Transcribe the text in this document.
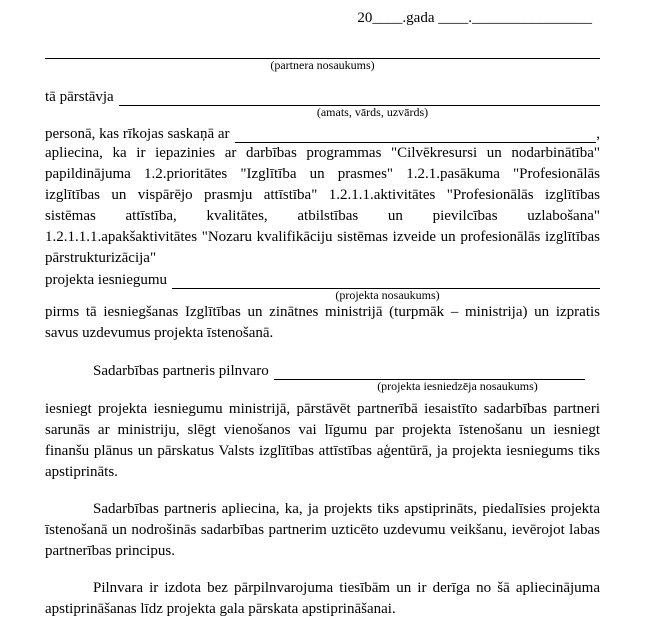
20____.gada ____.________________
(partnera nosaukums)
tā pārstāvja
(amats, vārds, uzvārds)
personā, kas rīkojas saskaņā ar	,

apliecina, ka ir iepazinies ar darbības programmas "Cilvēkresursi un nodarbinātība" papildinājuma 1.2.prioritātes "Izglītība un prasmes" 1.2.1.pasākuma "Profesionālās izglītības un vispārējo prasmju attīstība" 1.2.1.1.aktivitātes "Profesionālās izglītības sistēmas attīstība, kvalitātes, atbilstības un pievilcības uzlabošana" 1.2.1.1.1.apakšaktivitātes "Nozaru kvalifikāciju sistēmas izveide un profesionālās izglītības pārstrukturizācija"

projekta iesniegumu
(projekta nosaukums)

pirms tā iesniegšanas Izglītības un zinātnes ministrijā (turpmāk – ministrija) un izpratis savus uzdevumus projekta īstenošanā.

Sadarbības partneris pilnvaro
(projekta iesniedzēja nosaukums)

iesniegt projekta iesniegumu ministrijā, pārstāvēt partnerībā iesaistīto sadarbības partneri sarunās ar ministriju, slēgt vienošanos vai līgumu par projekta īstenošanu un iesniegt finanšu plānus un pārskatus Valsts izglītības attīstības aģentūrā, ja projekta iesniegums tiks apstiprināts.

Sadarbības partneris apliecina, ka, ja projekts tiks apstiprināts, piedalīsies projekta īstenošanā un nodrošinās sadarbības partnerim uzticēto uzdevumu veikšanu, ievērojot labas partnerības principus.

Pilnvara ir izdota bez pārpilnvarojuma tiesībām un ir derīga no šā apliecinājuma apstiprināšanas līdz projekta gala pārskata apstiprināšanai.
